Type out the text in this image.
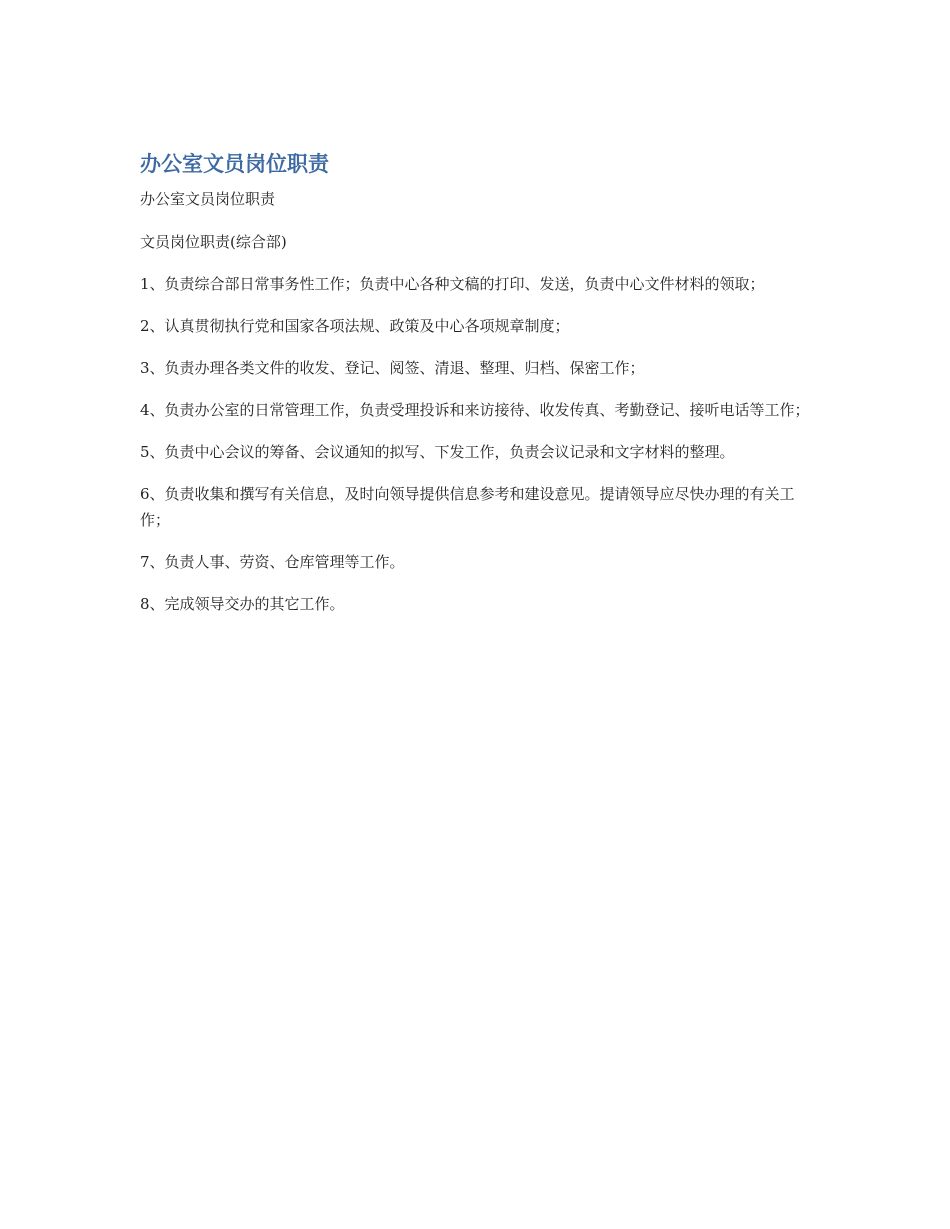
办公室文员岗位职责

办公室文员岗位职责

文员岗位职责(综合部)

1、负责综合部日常事务性工作；负责中心各种文稿的打印、发送，负责中心文件材料的领取；

2、认真贯彻执行党和国家各项法规、政策及中心各项规章制度；

3、负责办理各类文件的收发、登记、阅签、清退、整理、归档、保密工作；

4、负责办公室的日常管理工作，负责受理投诉和来访接待、收发传真、考勤登记、接听电话等工作；

5、负责中心会议的筹备、会议通知的拟写、下发工作，负责会议记录和文字材料的整理。

6、负责收集和撰写有关信息，及时向领导提供信息参考和建设意见。提请领导应尽快办理的有关工作；

7、负责人事、劳资、仓库管理等工作。

8、完成领导交办的其它工作。
